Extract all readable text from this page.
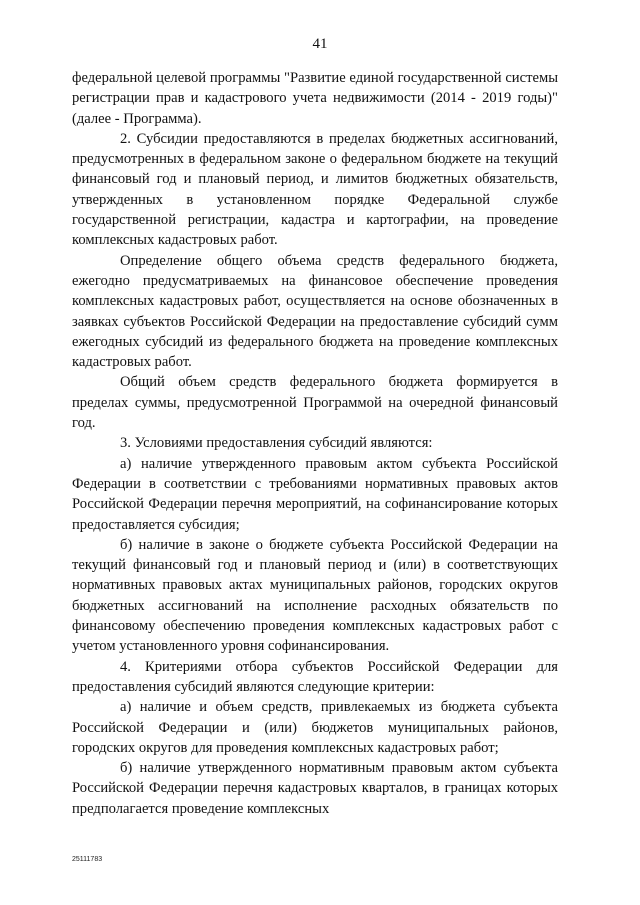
41

федеральной целевой программы "Развитие единой государственной системы регистрации прав и кадастрового учета недвижимости (2014 - 2019 годы)" (далее - Программа).

2. Субсидии предоставляются в пределах бюджетных ассигнований, предусмотренных в федеральном законе о федеральном бюджете на текущий финансовый год и плановый период, и лимитов бюджетных обязательств, утвержденных в установленном порядке Федеральной службе государственной регистрации, кадастра и картографии, на проведение комплексных кадастровых работ.

Определение общего объема средств федерального бюджета, ежегодно предусматриваемых на финансовое обеспечение проведения комплексных кадастровых работ, осуществляется на основе обозначенных в заявках субъектов Российской Федерации на предоставление субсидий сумм ежегодных субсидий из федерального бюджета на проведение комплексных кадастровых работ.

Общий объем средств федерального бюджета формируется в пределах суммы, предусмотренной Программой на очередной финансовый год.

3. Условиями предоставления субсидий являются:

а) наличие утвержденного правовым актом субъекта Российской Федерации в соответствии с требованиями нормативных правовых актов Российской Федерации перечня мероприятий, на софинансирование которых предоставляется субсидия;

б) наличие в законе о бюджете субъекта Российской Федерации на текущий финансовый год и плановый период и (или) в соответствующих нормативных правовых актах муниципальных районов, городских округов бюджетных ассигнований на исполнение расходных обязательств по финансовому обеспечению проведения комплексных кадастровых работ с учетом установленного уровня софинансирования.

4. Критериями отбора субъектов Российской Федерации для предоставления субсидий являются следующие критерии:

а) наличие и объем средств, привлекаемых из бюджета субъекта Российской Федерации и (или) бюджетов муниципальных районов, городских округов для проведения комплексных кадастровых работ;

б) наличие утвержденного нормативным правовым актом субъекта Российской Федерации перечня кадастровых кварталов, в границах которых предполагается проведение комплексных

25111783
